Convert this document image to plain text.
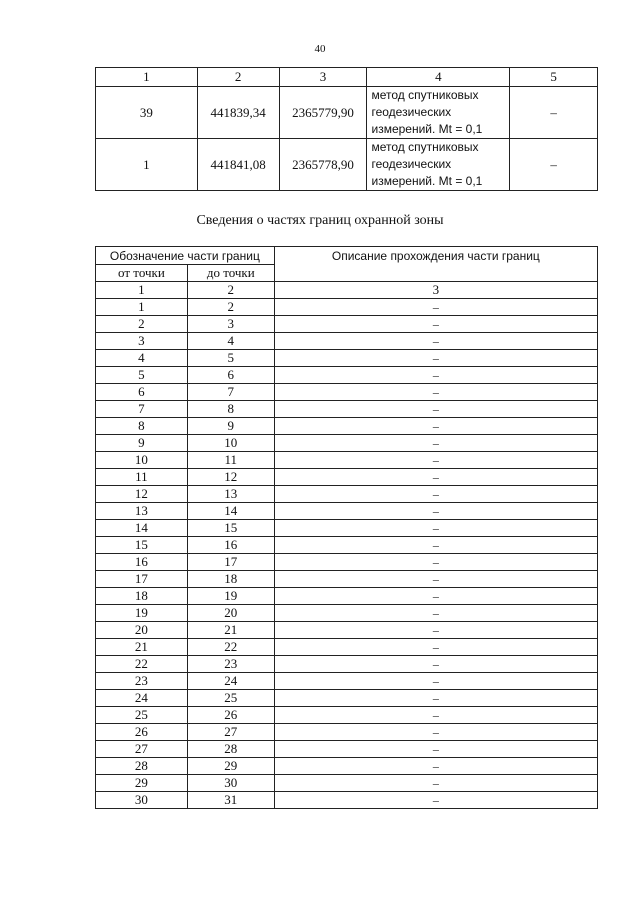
40
1	2	3	4	5
39	441839,34	2365779,90	метод спутниковых
геодезических
измерений. Mt = 0,1	–
1	441841,08	2365778,90	метод спутниковых
геодезических
измерений. Mt = 0,1	–
Сведения о частях границ охранной зоны
Обозначение части границ		Описание прохождения части границ
от точки	до точки	
1	2	3
1	2	–
2	3	–
3	4	–
4	5	–
5	6	–
6	7	–
7	8	–
8	9	–
9	10	–
10	11	–
11	12	–
12	13	–
13	14	–
14	15	–
15	16	–
16	17	–
17	18	–
18	19	–
19	20	–
20	21	–
21	22	–
22	23	–
23	24	–
24	25	–
25	26	–
26	27	–
27	28	–
28	29	–
29	30	–
30	31	–
